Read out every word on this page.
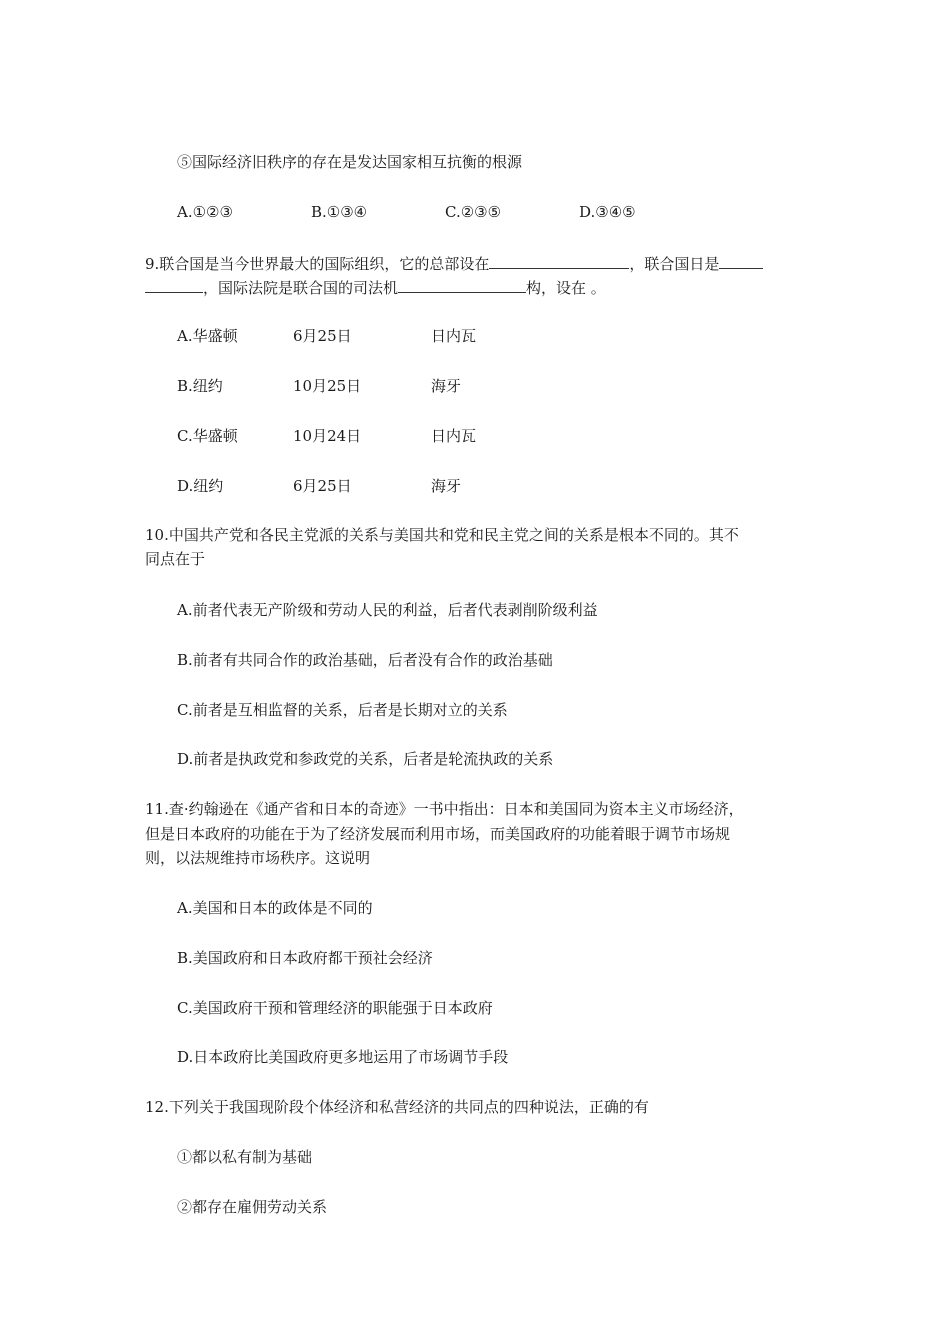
⑤国际经济旧秩序的存在是发达国家相互抗衡的根源

A.①②③	B.①③④	C.②③⑤	D.③④⑤

9.联合国是当今世界最大的国际组织，它的总部设在	，联合国日是

，国际法院是联合国的司法机	构，设在 。

A.华盛顿	6月25日	日内瓦
B.纽约	10月25日	海牙
C.华盛顿	10月24日	日内瓦
D.纽约	6月25日	海牙

10.中国共产党和各民主党派的关系与美国共和党和民主党之间的关系是根本不同的。其不

同点在于

A.前者代表无产阶级和劳动人民的利益，后者代表剥削阶级利益

B.前者有共同合作的政治基础，后者没有合作的政治基础

C.前者是互相监督的关系，后者是长期对立的关系

D.前者是执政党和参政党的关系，后者是轮流执政的关系

11.查·约翰逊在《通产省和日本的奇迹》一书中指出：日本和美国同为资本主义市场经济，

但是日本政府的功能在于为了经济发展而利用市场，而美国政府的功能着眼于调节市场规

则，以法规维持市场秩序。这说明

A.美国和日本的政体是不同的

B.美国政府和日本政府都干预社会经济

C.美国政府干预和管理经济的职能强于日本政府

D.日本政府比美国政府更多地运用了市场调节手段

12.下列关于我国现阶段个体经济和私营经济的共同点的四种说法，正确的有

①都以私有制为基础

②都存在雇佣劳动关系
